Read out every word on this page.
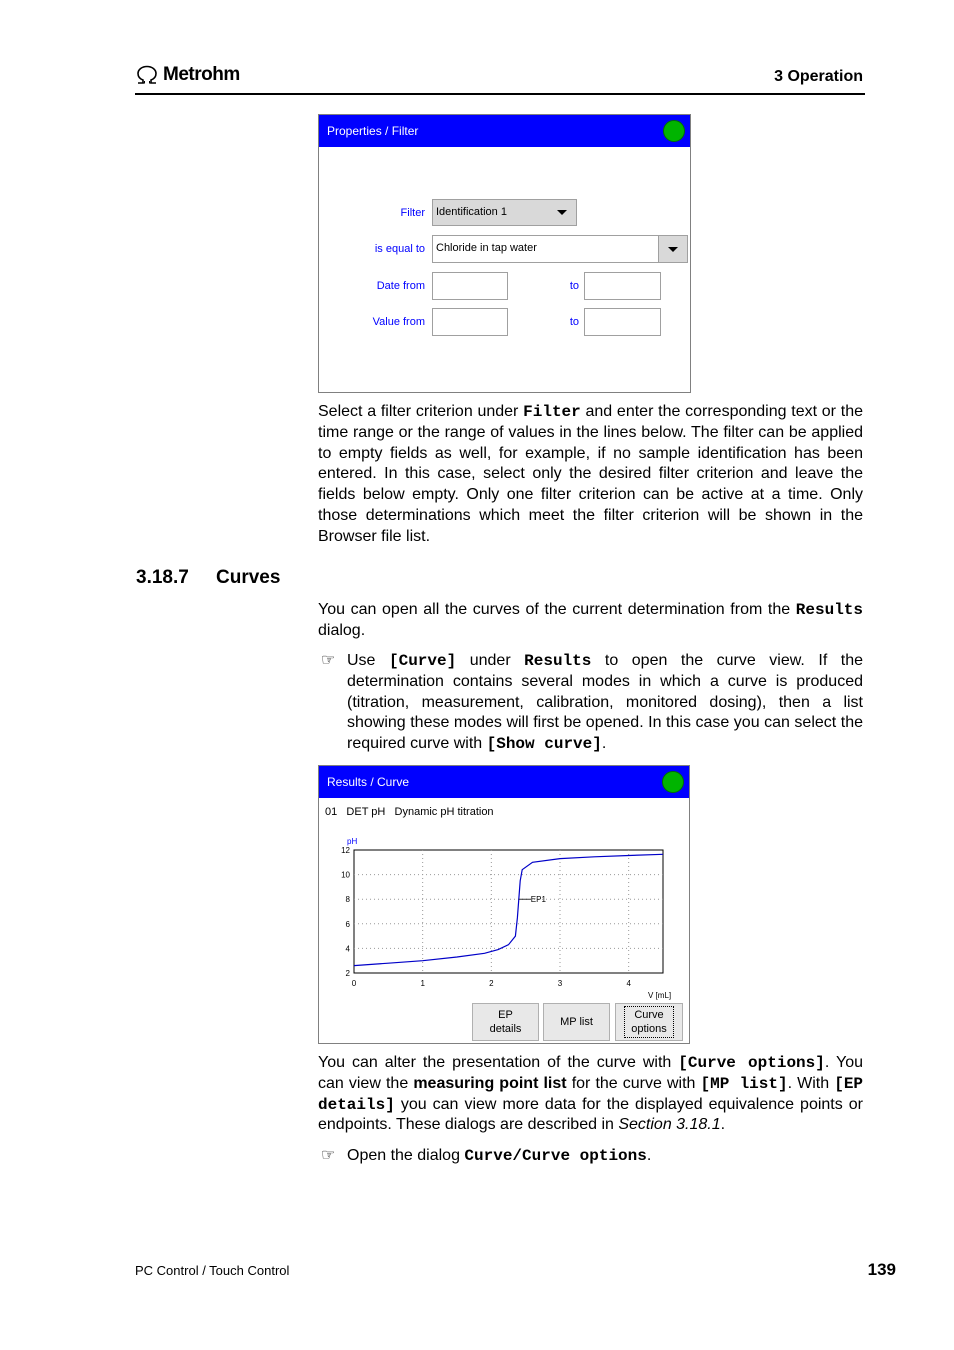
Metrohm	3 Operation
Properties / Filter
Filter	Identification 1
is equal to	Chloride in tap water
Date from	to
Value from	to
Select a filter criterion under Filter and enter the corresponding text or the time range or the range of values in the lines below. The filter can be applied to empty fields as well, for example, if no sample identification has been entered. In this case, select only the desired filter criterion and leave the fields below empty. Only one filter criterion can be active at a time. Only those determinations which meet the filter criterion will be shown in the Browser file list.
3.18.7 Curves
You can open all the curves of the current determination from the Results dialog.
☞ Use [Curve] under Results to open the curve view. If the determination contains several modes in which a curve is produced (titration, measurement, calibration, monitored dosing), then a list showing these modes will first be opened. In this case you can select the required curve with [Show curve].
Results / Curve
01 DET pH Dynamic pH titration
0	1	2	3	4
2
4
6
8
10
12
pH
V [mL]
EP1
EP
details
MP list
Curve
options
You can alter the presentation of the curve with [Curve options]. You can view the measuring point list for the curve with [MP list]. With [EP details] you can view more data for the displayed equivalence points or endpoints. These dialogs are described in Section 3.18.1.
☞ Open the dialog Curve/Curve options.
PC Control / Touch Control	139
